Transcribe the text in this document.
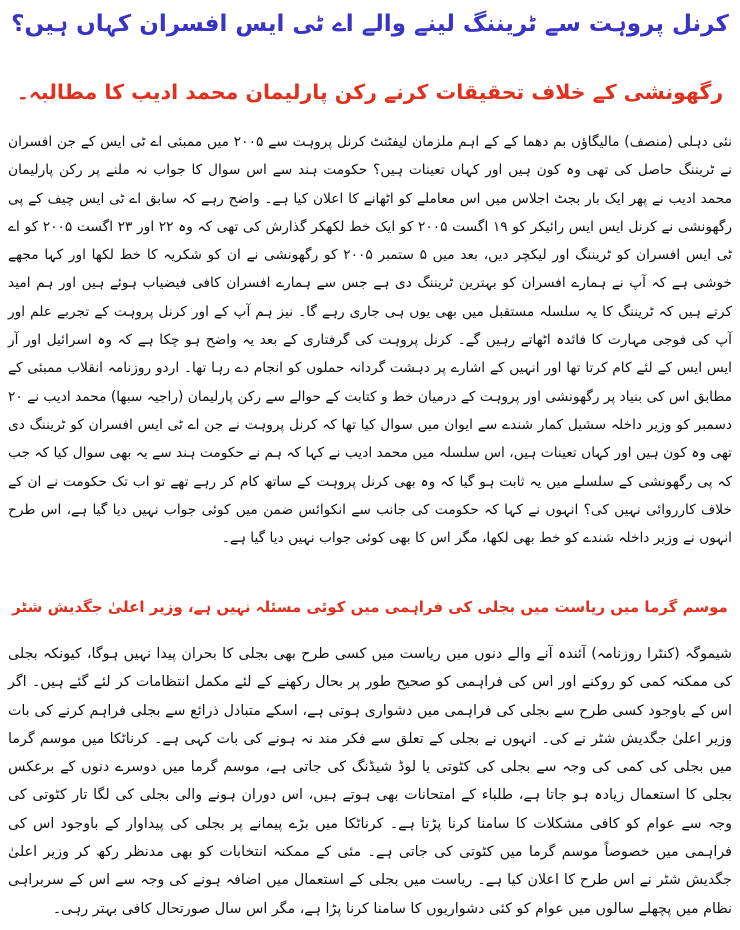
کرنل پروہت سے ٹریننگ لینے والے اے ٹی ایس افسران کہاں ہیں؟
رگھونشی کے خلاف تحقیقات کرنے رکن پارلیمان محمد ادیب کا مطالبہ۔
نئی دہلی (منصف) مالیگاؤں بم دھما کے کے اہم ملزمان لیفٹنٹ کرنل پروہت سے ۲۰۰۵ میں ممبئی اے ٹی ایس کے جن افسران نے ٹریننگ حاصل کی تھی وہ کون ہیں اور کہاں تعینات ہیں؟ حکومت ہند سے اس سوال کا جواب نہ ملنے پر رکن پارلیمان محمد ادیب نے پھر ایک بار بجٹ اجلاس میں اس معاملے کو اٹھانے کا اعلان کیا ہے۔ واضح رہے کہ سابق اے ٹی ایس چیف کے پی رگھونشی نے کرنل ایس ایس رائیکر کو ۱۹ اگست ۲۰۰۵ کو ایک خط لکھکر گذارش کی تھی کہ وہ ۲۲ اور ۲۳ اگست ۲۰۰۵ کو اے ٹی ایس افسران کو ٹریننگ اور لیکچر دیں، بعد میں ۵ ستمبر ۲۰۰۵ کو رگھونشی نے ان کو شکریہ کا خط لکھا اور کہا مجھے خوشی ہے کہ آپ نے ہمارے افسران کو بہترین ٹریننگ دی ہے جس سے ہمارے افسران کافی فیضیاب ہوئے ہیں اور ہم امید کرتے ہیں کہ ٹریننگ کا یہ سلسلہ مستقبل میں بھی یوں ہی جاری رہے گا۔ نیز ہم آپ کے اور کرنل پروہت کے تجربے علم اور آپ کی فوجی مہارت کا فائدہ اٹھاتے رہیں گے۔ کرنل پروہت کی گرفتاری کے بعد یہ واضح ہو چکا ہے کہ وہ اسرائیل اور آر ایس ایس کے لئے کام کرتا تھا اور انہیں کے اشارے پر دہشت گردانہ حملوں کو انجام دے رہا تھا۔ اردو روزنامہ انقلاب ممبئی کے مطابق اس کی بنیاد پر رگھونشی اور پروہت کے درمیان خط و کتابت کے حوالے سے رکن پارلیمان (راجیہ سبھا) محمد ادیب نے ۲۰ دسمبر کو وزیر داخلہ سشیل کمار شندے سے ایوان میں سوال کیا تھا کہ کرنل پروہت نے جن اے ٹی ایس افسران کو ٹریننگ دی تھی وہ کون ہیں اور کہاں تعینات ہیں، اس سلسلہ میں محمد ادیب نے کہا کہ ہم نے حکومت ہند سے یہ بھی سوال کیا کہ جب کہ پی رگھونشی کے سلسلے میں یہ ثابت ہو گیا کہ وہ بھی کرنل پروہت کے ساتھ کام کر رہے تھے تو اب تک حکومت نے ان کے خلاف کارروائی نہیں کی؟ انہوں نے کہا کہ حکومت کی جانب سے انکوائس ضمن میں کوئی جواب نہیں دیا گیا ہے، اس طرح انہوں نے وزیر داخلہ شندے کو خط بھی لکھا، مگر اس کا بھی کوئی جواب نہیں دیا گیا ہے۔
موسم گرما میں ریاست میں بجلی کی فراہمی میں کوئی مسئلہ نہیں ہے، وزیر اعلیٰ جگدیش شٹر
شیموگہ (کنٹرا روزنامہ) آئندہ آنے والے دنوں میں ریاست میں کسی طرح بھی بجلی کا بحران پیدا نہیں ہوگا، کیونکہ بجلی کی ممکنہ کمی کو روکنے اور اس کی فراہمی کو صحیح طور پر بحال رکھنے کے لئے مکمل انتظامات کر لئے گئے ہیں۔ اگر اس کے باوجود کسی طرح سے بجلی کی فراہمی میں دشواری ہوتی ہے، اسکے متبادل ذرائع سے بجلی فراہم کرنے کی بات وزیر اعلیٰ جگدیش شٹر نے کی۔ انہوں نے بجلی کے تعلق سے فکر مند نہ ہونے کی بات کہی ہے۔ کرناٹکا میں موسم گرما میں بجلی کی کمی کی وجہ سے بجلی کی کٹوتی یا لوڈ شیڈنگ کی جاتی ہے، موسم گرما میں دوسرے دنوں کے برعکس بجلی کا استعمال زیادہ ہو جاتا ہے، طلباء کے امتحانات بھی ہوتے ہیں، اس دوران ہونے والی بجلی کی لگا تار کٹوتی کی وجہ سے عوام کو کافی مشکلات کا سامنا کرنا پڑتا ہے۔ کرناٹکا میں بڑے پیمانے پر بجلی کی پیداوار کے باوجود اس کی فراہمی میں خصوصاً موسم گرما میں کٹوتی کی جاتی ہے۔ مئی کے ممکنہ انتخابات کو بھی مدنظر رکھ کر وزیر اعلیٰ جگدیش شٹر نے اس طرح کا اعلان کیا ہے۔ ریاست میں بجلی کے استعمال میں اضافہ ہونے کی وجہ سے اس کے سربراہی نظام میں پچھلے سالوں میں عوام کو کئی دشواریوں کا سامنا کرنا پڑا ہے، مگر اس سال صورتحال کافی بہتر رہی۔
